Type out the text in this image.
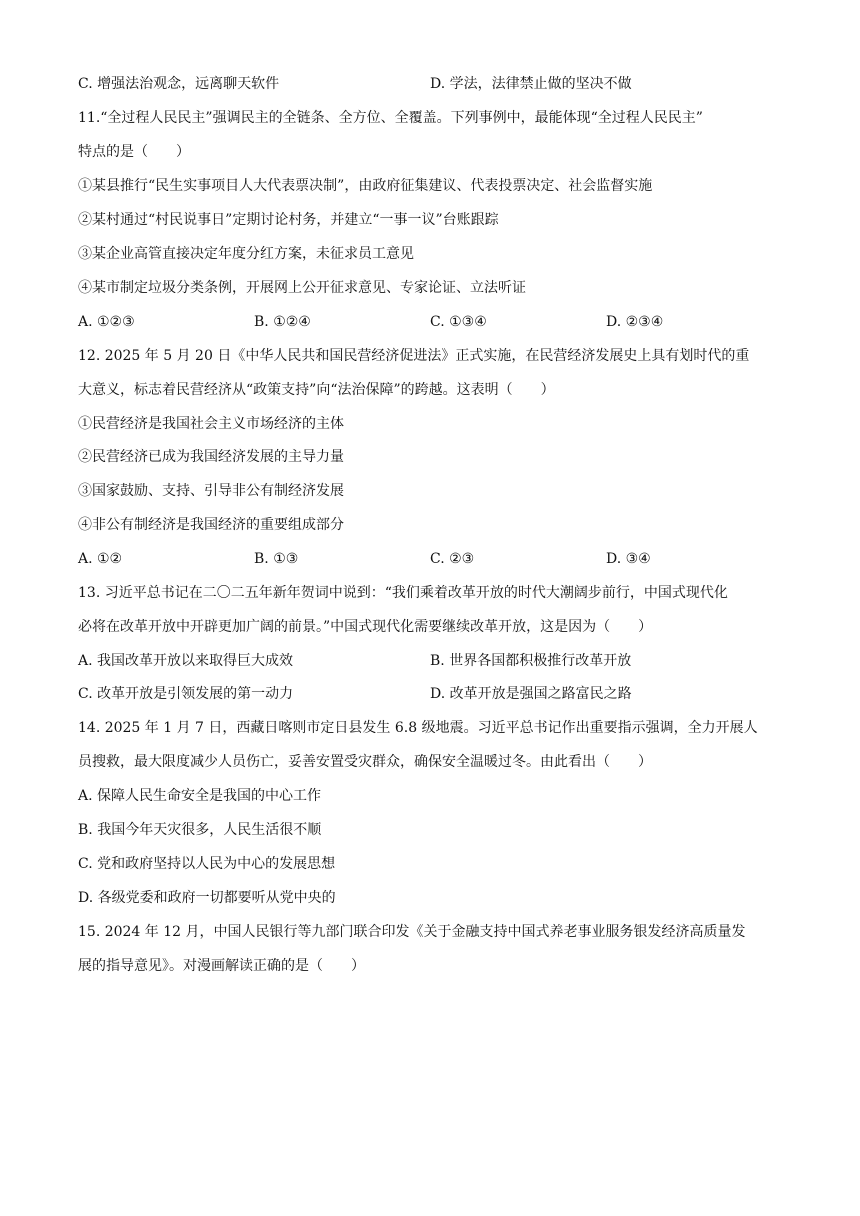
C. 增强法治观念，远离聊天软件	D. 学法，法律禁止做的坚决不做
11.“全过程人民民主”强调民主的全链条、全方位、全覆盖。下列事例中，最能体现“全过程人民民主”
特点的是（　　）
①某县推行“民生实事项目人大代表票决制”，由政府征集建议、代表投票决定、社会监督实施
②某村通过“村民说事日”定期讨论村务，并建立“一事一议”台账跟踪
③某企业高管直接决定年度分红方案，未征求员工意见
④某市制定垃圾分类条例，开展网上公开征求意见、专家论证、立法听证
A. ①②③	B. ①②④	C. ①③④	D. ②③④
12. 2025 年 5 月 20 日《中华人民共和国民营经济促进法》正式实施，在民营经济发展史上具有划时代的重
大意义，标志着民营经济从“政策支持”向“法治保障”的跨越。这表明（　　）
①民营经济是我国社会主义市场经济的主体
②民营经济已成为我国经济发展的主导力量
③国家鼓励、支持、引导非公有制经济发展
④非公有制经济是我国经济的重要组成部分
A. ①②	B. ①③	C. ②③	D. ③④
13. 习近平总书记在二〇二五年新年贺词中说到：“我们乘着改革开放的时代大潮阔步前行，中国式现代化
必将在改革开放中开辟更加广阔的前景。”中国式现代化需要继续改革开放，这是因为（　　）
A. 我国改革开放以来取得巨大成效	B. 世界各国都积极推行改革开放
C. 改革开放是引领发展的第一动力	D. 改革开放是强国之路富民之路
14. 2025 年 1 月 7 日，西藏日喀则市定日县发生 6.8 级地震。习近平总书记作出重要指示强调，全力开展人
员搜救，最大限度减少人员伤亡，妥善安置受灾群众，确保安全温暖过冬。由此看出（　　）
A. 保障人民生命安全是我国的中心工作
B. 我国今年天灾很多，人民生活很不顺
C. 党和政府坚持以人民为中心的发展思想
D. 各级党委和政府一切都要听从党中央的
15. 2024 年 12 月，中国人民银行等九部门联合印发《关于金融支持中国式养老事业服务银发经济高质量发
展的指导意见》。对漫画解读正确的是（　　）
